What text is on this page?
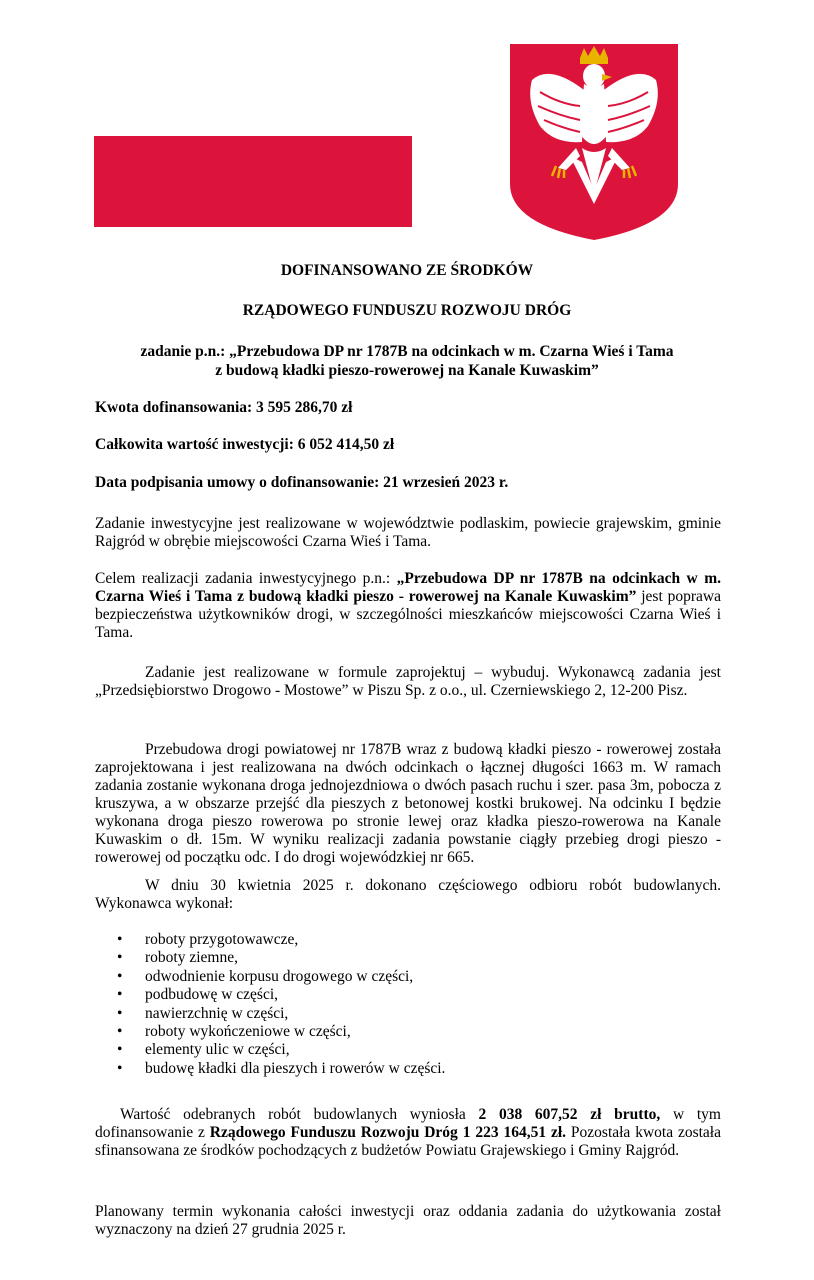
DOFINANSOWANO ZE ŚRODKÓW
RZĄDOWEGO FUNDUSZU ROZWOJU DRÓG
zadanie p.n.: „Przebudowa DP nr 1787B na odcinkach w m. Czarna Wieś i Tama
z budową kładki pieszo-rowerowej na Kanale Kuwaskim”
Kwota dofinansowania: 3 595 286,70 zł
Całkowita wartość inwestycji: 6 052 414,50 zł
Data podpisania umowy o dofinansowanie: 21 wrzesień 2023 r.
Zadanie inwestycyjne jest realizowane w województwie podlaskim, powiecie grajewskim, gminie Rajgród w obrębie miejscowości Czarna Wieś i Tama.
Celem realizacji zadania inwestycyjnego p.n.: „Przebudowa DP nr 1787B na odcinkach w m. Czarna Wieś i Tama z budową kładki pieszo - rowerowej na Kanale Kuwaskim” jest poprawa bezpieczeństwa użytkowników drogi, w szczególności mieszkańców miejscowości Czarna Wieś i Tama.
Zadanie jest realizowane w formule zaprojektuj – wybuduj. Wykonawcą zadania jest „Przedsiębiorstwo Drogowo - Mostowe” w Piszu Sp. z o.o., ul. Czerniewskiego 2, 12-200 Pisz.
Przebudowa drogi powiatowej nr 1787B wraz z budową kładki pieszo - rowerowej została zaprojektowana i jest realizowana na dwóch odcinkach o łącznej długości 1663 m. W ramach zadania zostanie wykonana droga jednojezdniowa o dwóch pasach ruchu i szer. pasa 3m, pobocza z kruszywa, a w obszarze przejść dla pieszych z betonowej kostki brukowej. Na odcinku I będzie wykonana droga pieszo rowerowa po stronie lewej oraz kładka pieszo-rowerowa na Kanale Kuwaskim o dł. 15m. W wyniku realizacji zadania powstanie ciągły przebieg drogi pieszo - rowerowej od początku odc. I do drogi wojewódzkiej nr 665.
W dniu 30 kwietnia 2025 r. dokonano częściowego odbioru robót budowlanych. Wykonawca wykonał:
• roboty przygotowawcze,
• roboty ziemne,
• odwodnienie korpusu drogowego w części,
• podbudowę w części,
• nawierzchnię w części,
• roboty wykończeniowe w części,
• elementy ulic w części,
• budowę kładki dla pieszych i rowerów w części.
Wartość odebranych robót budowlanych wyniosła 2 038 607,52 zł brutto, w tym dofinansowanie z Rządowego Funduszu Rozwoju Dróg 1 223 164,51 zł. Pozostała kwota została sfinansowana ze środków pochodzących z budżetów Powiatu Grajewskiego i Gminy Rajgród.
Planowany termin wykonania całości inwestycji oraz oddania zadania do użytkowania został wyznaczony na dzień 27 grudnia 2025 r.
